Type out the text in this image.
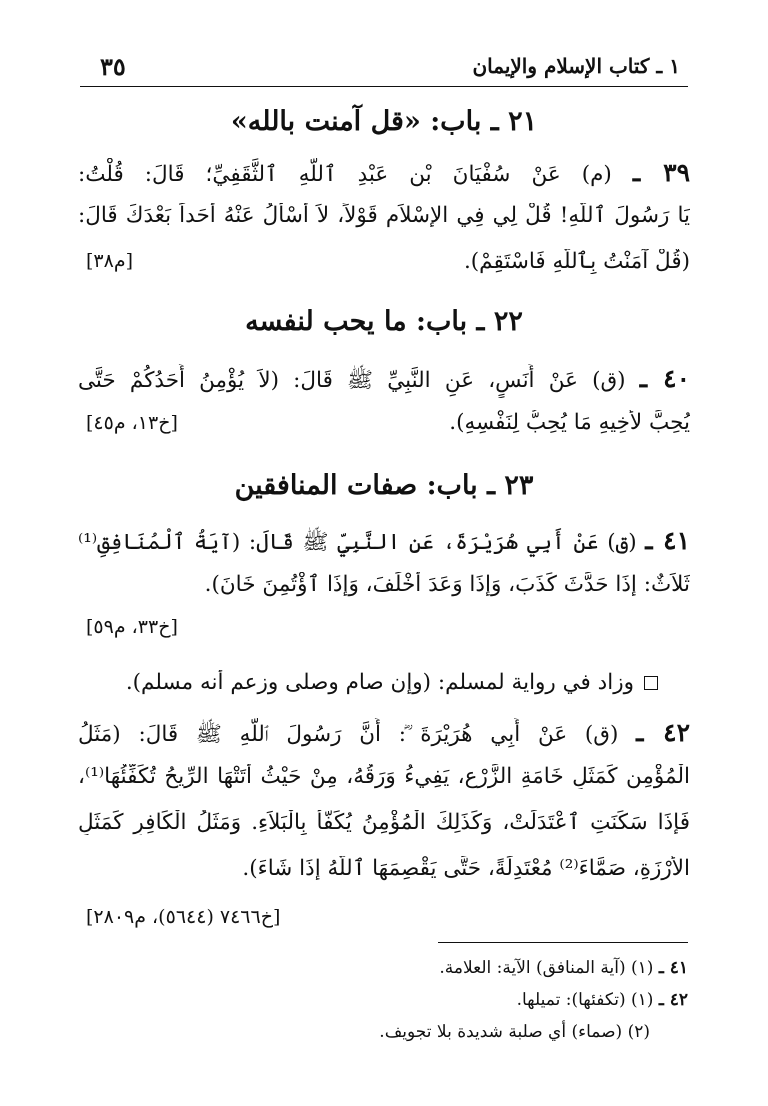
٣٥	١ ـ كتاب الإسلام والإيمان
٢١ ـ باب: «قل آمنت بالله»
٣٩ ـ (م) عَنْ سُفْيَانَ بْنِ عَبْدِ ٱللَّهِ ٱلثَّقَفِيِّ؛ قَالَ: قُلْتُ:
يَا رَسُولَ ٱللَّهِ! قُلْ لِي فِي الإِسْلاَمِ قَوْلاً، لاَ أَسْأَلُ عَنْهُ أَحَداً بَعْدَكَ قَالَ:
(قُلْ آمَنْتُ بِٱللَّهِ فَاسْتَقِمْ).
[م٣٨]
٢٢ ـ باب: ما يحب لنفسه
٤٠ ـ (ق) عَنْ أَنَسٍ، عَنِ النَّبِيِّ ﷺ قَالَ: (لاَ يُؤْمِنُ أَحَدُكُمْ حَتَّى
يُحِبَّ لأَخِيهِ مَا يُحِبُّ لِنَفْسِهِ).
[خ١٣، م٤٥]
٢٣ ـ باب: صفات المنافقين
٤١ ـ (ق) عَنْ أَبِي هُرَيْرَةَ، عَنِ النَّبِيِّ ﷺ قَالَ: (آيَةُ ٱلْمُنَافِقِ⁽¹⁾
ثَلاَثٌ: إِذَا حَدَّثَ كَذَبَ، وَإِذَا وَعَدَ أَخْلَفَ، وَإِذَا ٱؤْتُمِنَ خَانَ).
[خ٣٣، م٥٩]
وزاد في رواية لمسلم: (وإن صام وصلى وزعم أنه مسلم).
٤٢ ـ (ق) عَنْ أَبِي هُرَيْرَةَ ؓ: أَنَّ رَسُولَ ٱللَّهِ ﷺ قَالَ: (مَثَلُ
الْمُؤْمِنِ كَمَثَلِ خَامَةِ الزَّرْعِ، يَفِيءُ وَرَقُهُ، مِنْ حَيْثُ أَتَتْهَا الرِّيحُ تُكَفِّئُهَا⁽¹⁾،
فَإِذَا سَكَنَتِ ٱعْتَدَلَتْ، وَكَذَلِكَ الْمُؤْمِنُ يُكَفَّأُ بِالْبَلاَءِ. وَمَثَلُ الْكَافِرِ كَمَثَلِ
الأَرْزَةِ، صَمَّاءَ⁽²⁾ مُعْتَدِلَةً، حَتَّى يَقْصِمَهَا ٱللَّهُ إِذَا شَاءَ).
[خ٧٤٦٦ (٥٦٤٤)، م٢٨٠٩]
٤١ ـ (١) (آية المنافق) الآية: العلامة.
٤٢ ـ (١) (تكفئها): تميلها.
(٢) (صماء) أي صلبة شديدة بلا تجويف.
